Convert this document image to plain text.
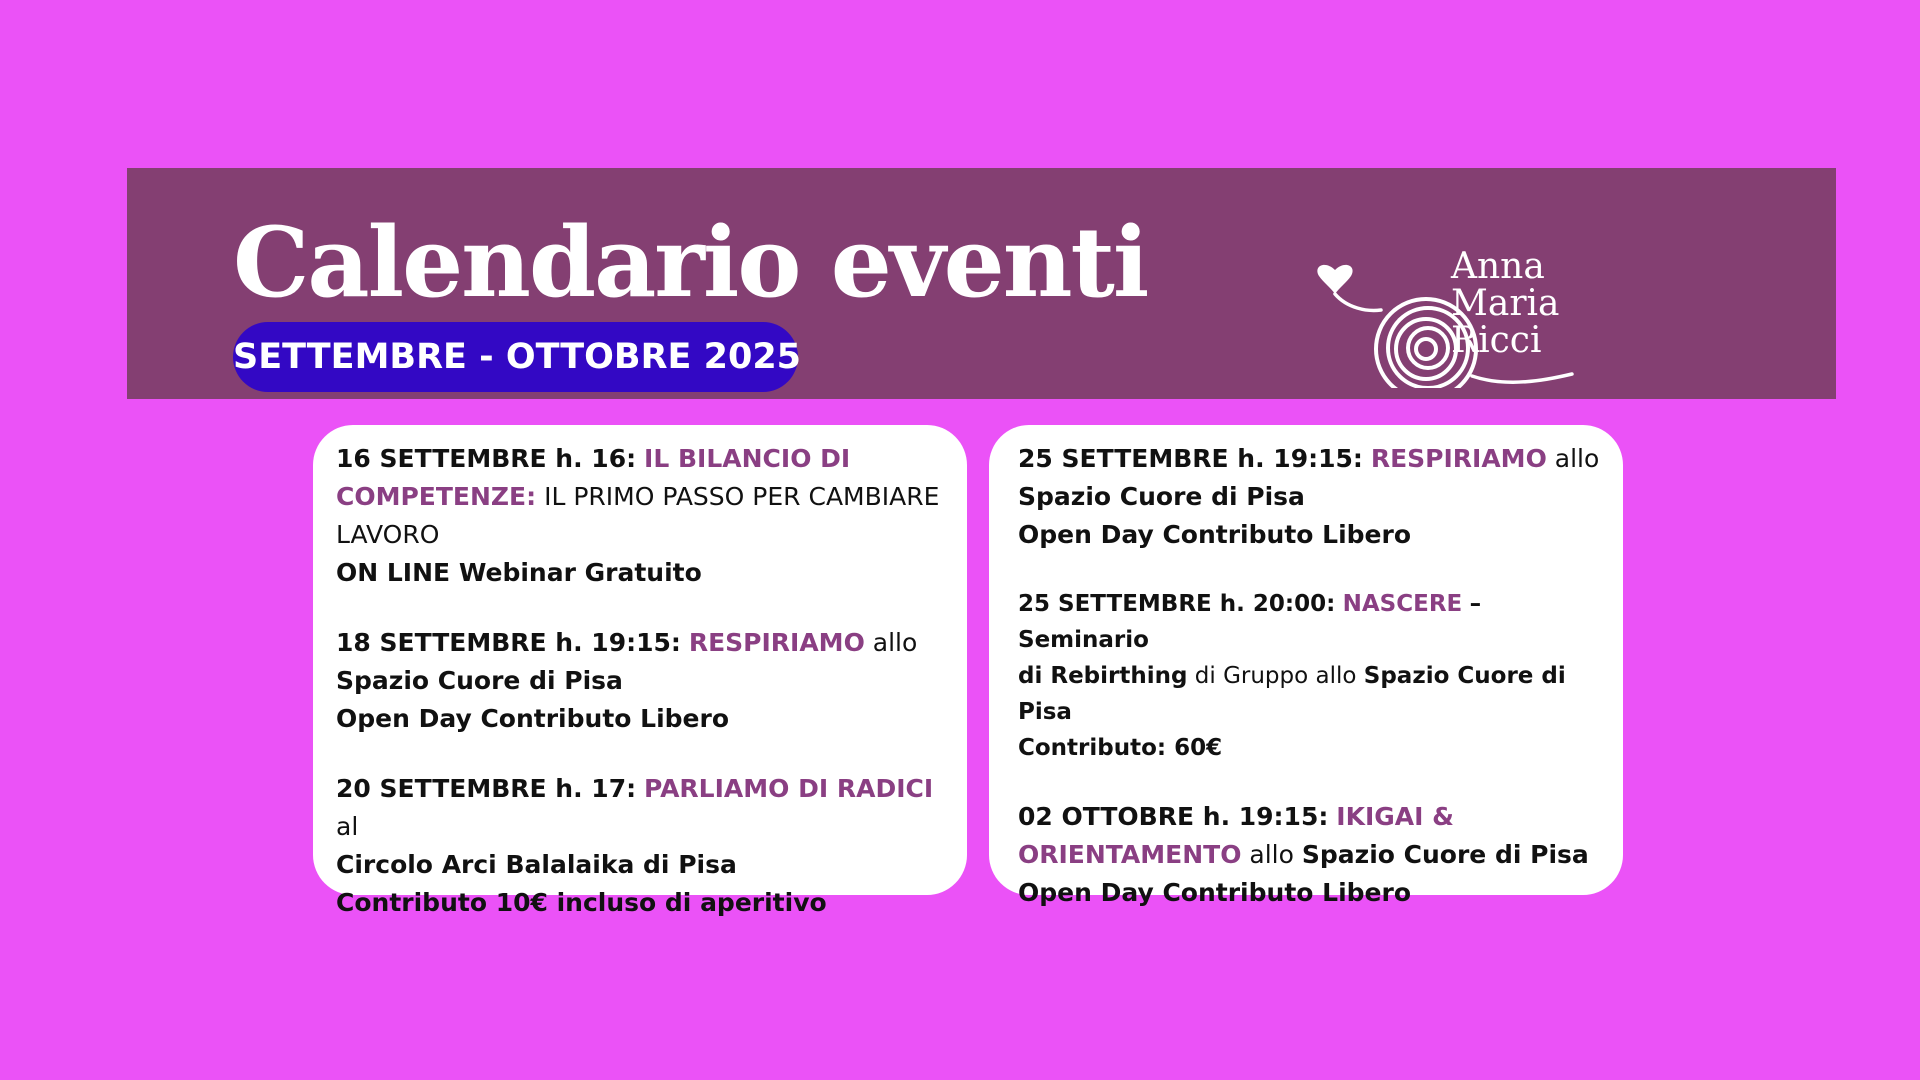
Calendario eventi
SETTEMBRE - OTTOBRE 2025
Anna
Maria
Ricci
16 SETTEMBRE h. 16: IL BILANCIO DI
COMPETENZE: IL PRIMO PASSO PER CAMBIARE
LAVORO
ON LINE Webinar Gratuito
18 SETTEMBRE h. 19:15: RESPIRIAMO allo
Spazio Cuore di Pisa
Open Day Contributo Libero
20 SETTEMBRE h. 17: PARLIAMO DI RADICI al
Circolo Arci Balalaika di Pisa
Contributo 10€ incluso di aperitivo
25 SETTEMBRE h. 19:15: RESPIRIAMO allo
Spazio Cuore di Pisa
Open Day Contributo Libero
25 SETTEMBRE h. 20:00: NASCERE – Seminario
di Rebirthing di Gruppo allo Spazio Cuore di
Pisa
Contributo: 60€
02 OTTOBRE h. 19:15: IKIGAI &
ORIENTAMENTO allo Spazio Cuore di Pisa
Open Day Contributo Libero
